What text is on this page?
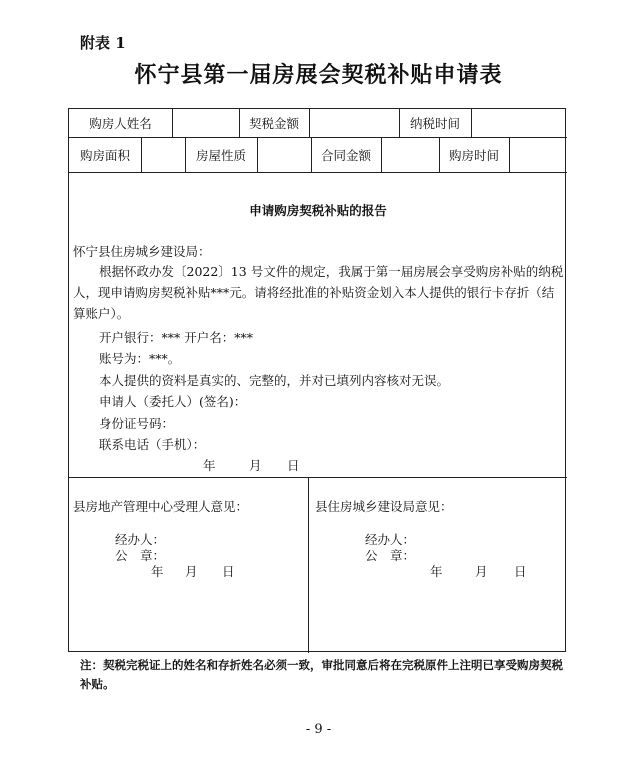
附表 1
怀宁县第一届房展会契税补贴申请表
购房人姓名	契税金额	纳税时间
购房面积	房屋性质	合同金额	购房时间
申请购房契税补贴的报告
怀宁县住房城乡建设局：
根据怀政办发〔2022〕13 号文件的规定，我属于第一届房展会享受购房补贴的纳税人，现申请购房契税补贴***元。请将经批准的补贴资金划入本人提供的银行卡存折（结算账户）。
开户银行：*** 开户名：***
账号为：***。
本人提供的资料是真实的、完整的，并对已填列内容核对无误。
申请人（委托人）(签名)：
身份证号码：
联系电话（手机）：
年	月 日
县房地产管理中心受理人意见：
经办人：
公　章：
年 月 日
县住房城乡建设局意见：
经办人：
公　章：
年	月 日
注：契税完税证上的姓名和存折姓名必须一致，审批同意后将在完税原件上注明已享受购房契税补贴。
- 9 -
